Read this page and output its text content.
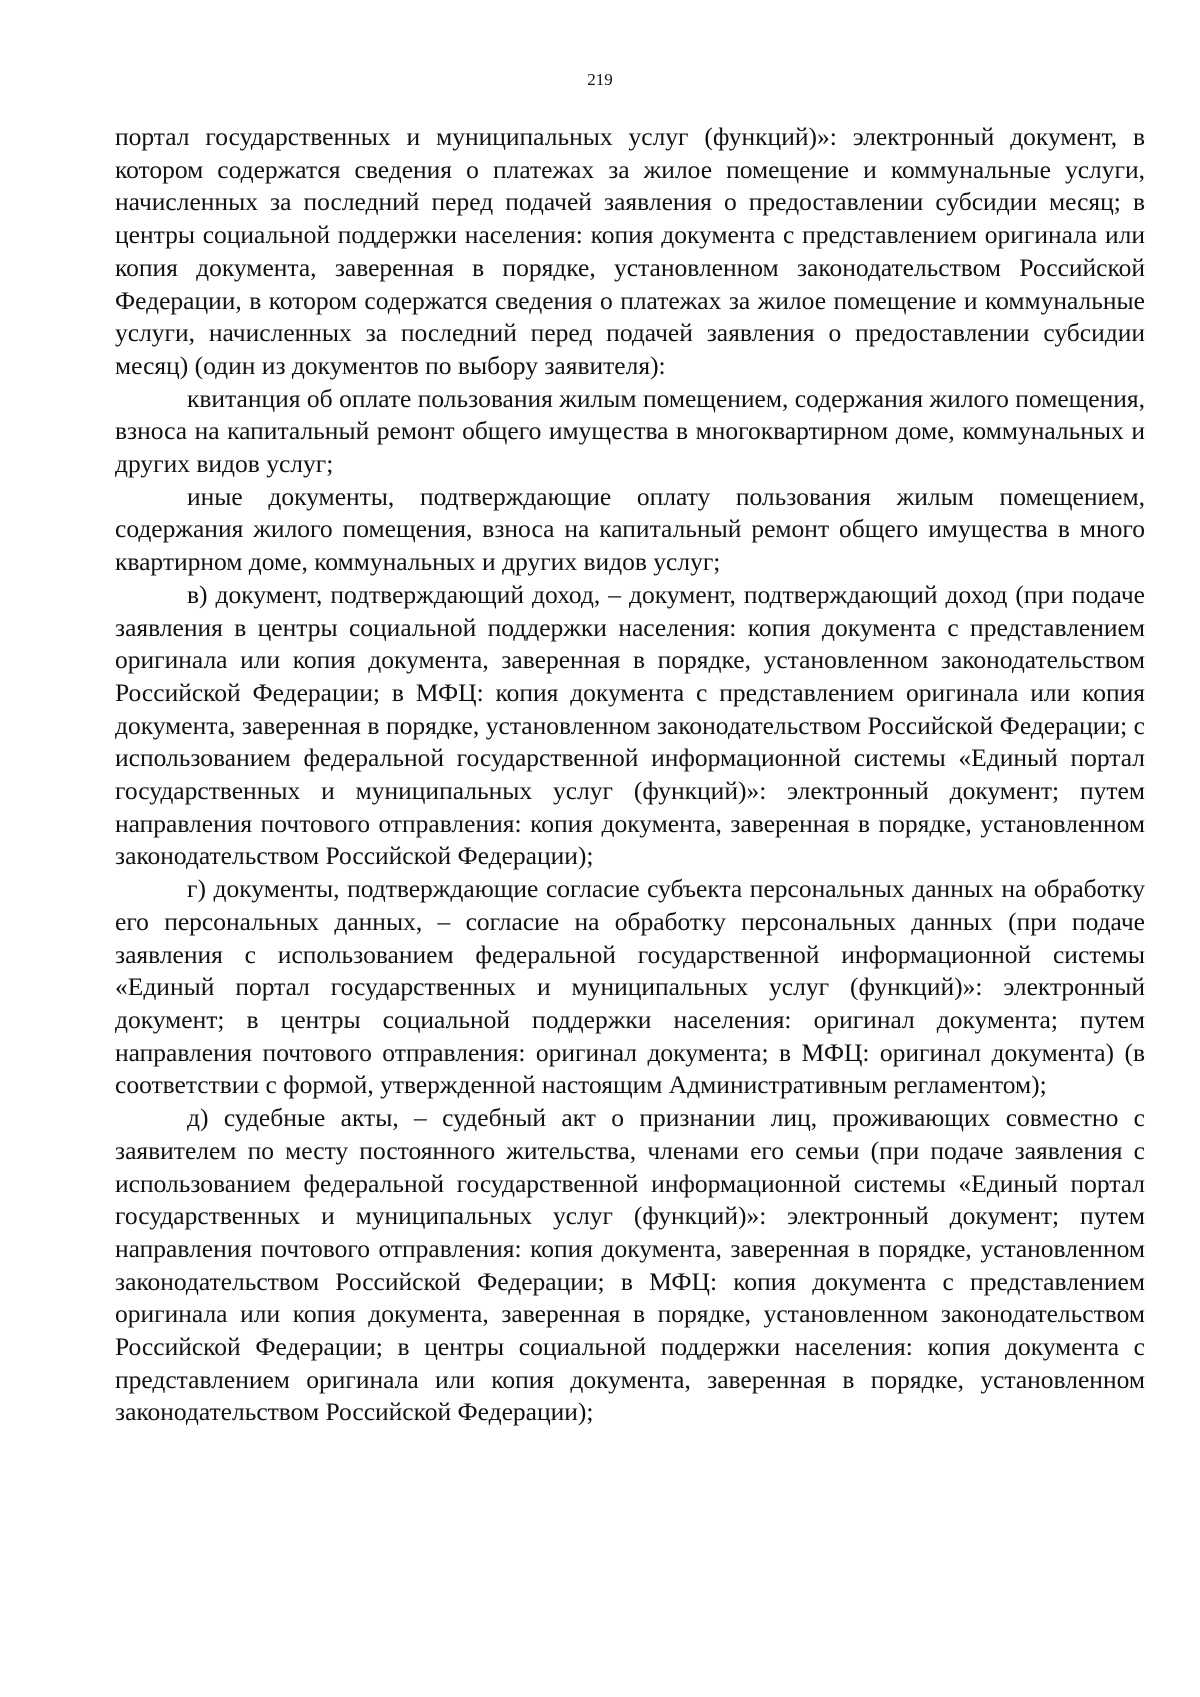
219

портал государственных и муниципальных услуг (функций)»: электронный документ, в котором содержатся сведения о платежах за жилое помещение и коммунальные услуги, начисленных за последний перед подачей заявления о предоставлении субсидии месяц; в центры социальной поддержки населения: копия документа с представлением оригинала или копия документа, заверенная в порядке, установленном законодательством Российской Федерации, в котором содержатся сведения о платежах за жилое помещение и коммунальные услуги, начисленных за последний перед подачей заявления о предоставлении субсидии месяц) (один из документов по выбору заявителя):

квитанция об оплате пользования жилым помещением, содержания жилого помещения, взноса на капитальный ремонт общего имущества в многоквартирном доме, коммунальных и других видов услуг;

иные документы, подтверждающие оплату пользования жилым помещением, содержания жилого помещения, взноса на капитальный ремонт общего имущества в много квартирном доме, коммунальных и других видов услуг;

в) документ, подтверждающий доход, – документ, подтверждающий доход (при подаче заявления в центры социальной поддержки населения: копия документа с представлением оригинала или копия документа, заверенная в порядке, установленном законодательством Российской Федерации; в МФЦ: копия документа с представлением оригинала или копия документа, заверенная в порядке, установленном законодательством Российской Федерации; с использованием федеральной государственной информационной системы «Единый портал государственных и муниципальных услуг (функций)»: электронный документ; путем направления почтового отправления: копия документа, заверенная в порядке, установленном законодательством Российской Федерации);

г) документы, подтверждающие согласие субъекта персональных данных на обработку его персональных данных, – согласие на обработку персональных данных (при подаче заявления с использованием федеральной государственной информационной системы «Единый портал государственных и муниципальных услуг (функций)»: электронный документ; в центры социальной поддержки населения: оригинал документа; путем направления почтового отправления: оригинал документа; в МФЦ: оригинал документа) (в соответствии с формой, утвержденной настоящим Административным регламентом);

д) судебные акты, – судебный акт о признании лиц, проживающих совместно с заявителем по месту постоянного жительства, членами его семьи (при подаче заявления с использованием федеральной государственной информационной системы «Единый портал государственных и муниципальных услуг (функций)»: электронный документ; путем направления почтового отправления: копия документа, заверенная в порядке, установленном законодательством Российской Федерации; в МФЦ: копия документа с представлением оригинала или копия документа, заверенная в порядке, установленном законодательством Российской Федерации; в центры социальной поддержки населения: копия документа с представлением оригинала или копия документа, заверенная в порядке, установленном законодательством Российской Федерации);
